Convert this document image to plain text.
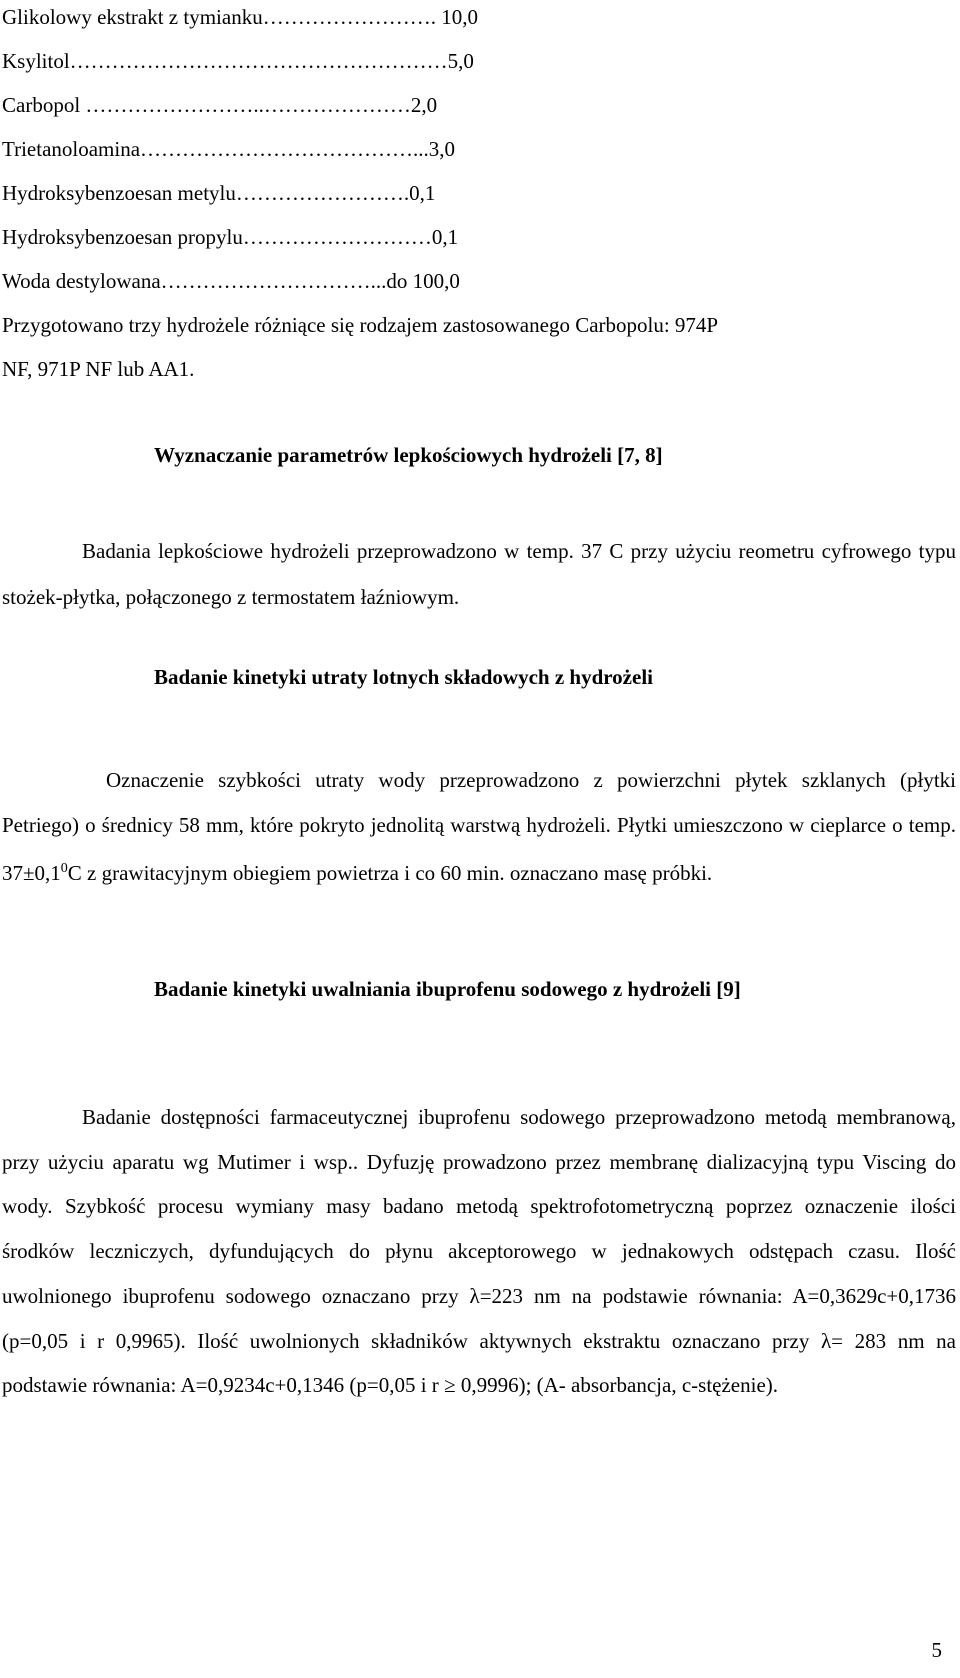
Glikolowy ekstrakt z tymianku……………………. 10,0
Ksylitol………………………………………………5,0
Carbopol ……………………..…………………2,0
Trietanoloamina…………………………………...3,0
Hydroksybenzoesan metylu…………………….0,1
Hydroksybenzoesan propylu………………………0,1
Woda destylowana…………………………...do 100,0
Przygotowano trzy hydrożele różniące się rodzajem zastosowanego Carbopolu: 974P
NF, 971P NF lub AA1.
Wyznaczanie parametrów lepkościowych hydrożeli [7, 8]

Badania lepkościowe hydrożeli przeprowadzono w temp. 37 C przy użyciu reometru cyfrowego typu stożek-płytka, połączonego z termostatem łaźniowym.

Badanie kinetyki utraty lotnych składowych z hydrożeli

Oznaczenie szybkości utraty wody przeprowadzono z powierzchni płytek szklanych (płytki Petriego) o średnicy 58 mm, które pokryto jednolitą warstwą hydrożeli. Płytki umieszczono w cieplarce o temp. $37\pm 0,1^0C$ z grawitacyjnym obiegiem powietrza i co 60 min. oznaczano masę próbki.

Badanie kinetyki uwalniania ibuprofenu sodowego z hydrożeli [9]

Badanie dostępności farmaceutycznej ibuprofenu sodowego przeprowadzono metodą membranową, przy użyciu aparatu wg Mutimer i wsp.. Dyfuzję prowadzono przez membranę dializacyjną typu Viscing do wody. Szybkość procesu wymiany masy badano metodą spektrofotometryczną poprzez oznaczenie ilości środków leczniczych, dyfundujących do płynu akceptorowego w jednakowych odstępach czasu. Ilość uwolnionego ibuprofenu sodowego oznaczano przy λ=223 nm na podstawie równania: A=0,3629c+0,1736 (p=0,05 i r 0,9965). Ilość uwolnionych składników aktywnych ekstraktu oznaczano przy λ= 283 nm na podstawie równania: A=0,9234c+0,1346 (p=0,05 i r ≥ 0,9996); (A- absorbancja, c-stężenie).

5
